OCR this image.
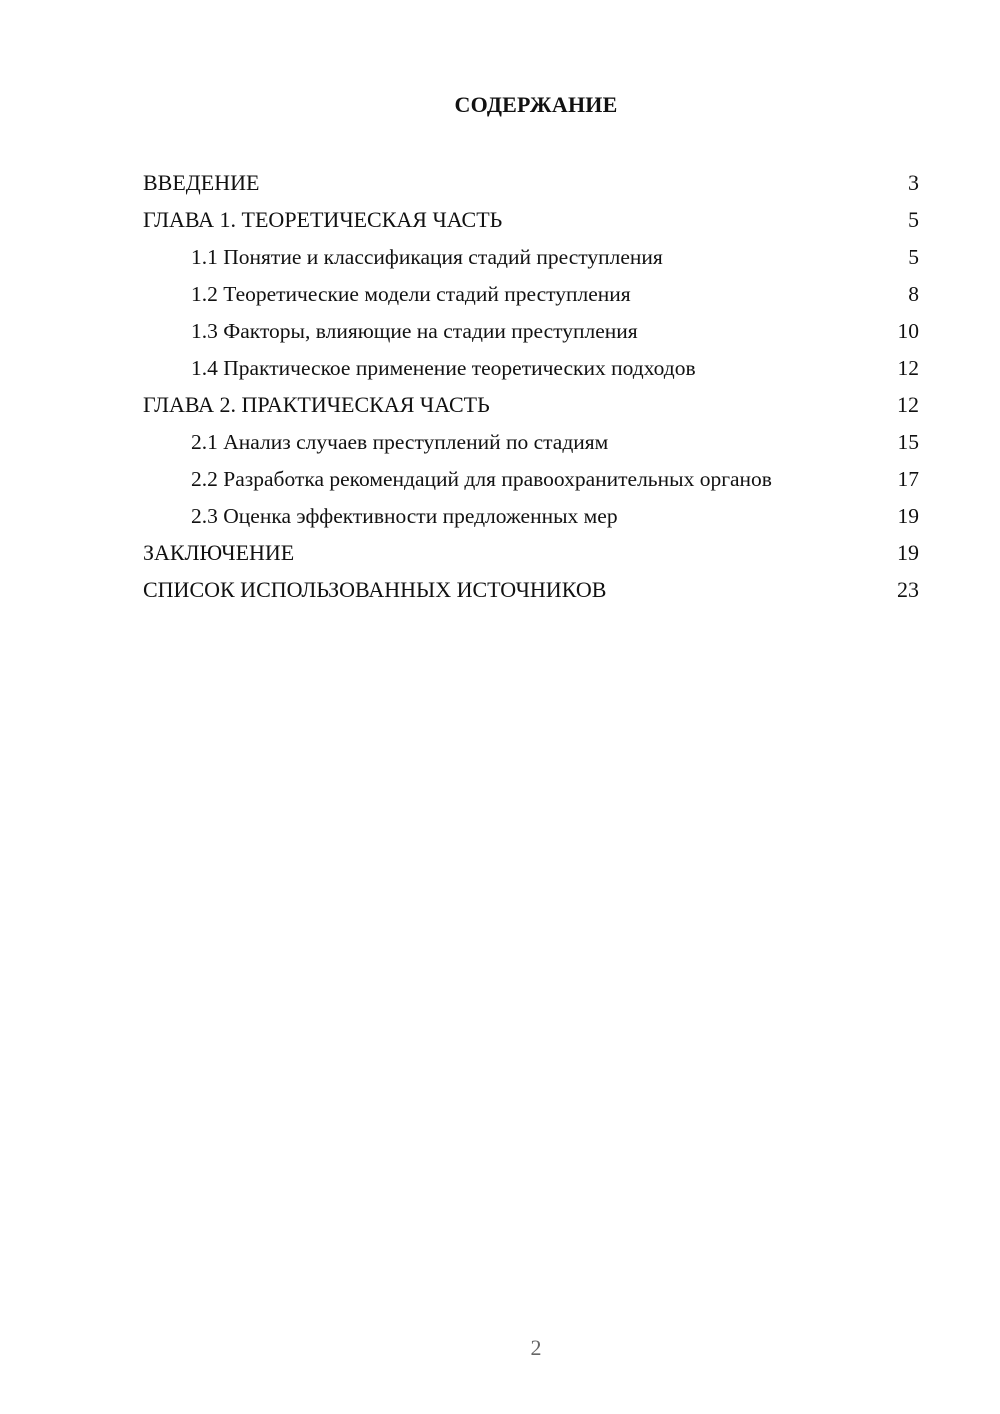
СОДЕРЖАНИЕ
ВВЕДЕНИЕ	3
ГЛАВА 1. ТЕОРЕТИЧЕСКАЯ ЧАСТЬ	5
1.1 Понятие и классификация стадий преступления	5
1.2 Теоретические модели стадий преступления	8
1.3 Факторы, влияющие на стадии преступления	10
1.4 Практическое применение теоретических подходов	12
ГЛАВА 2. ПРАКТИЧЕСКАЯ ЧАСТЬ	12
2.1 Анализ случаев преступлений по стадиям	15
2.2 Разработка рекомендаций для правоохранительных органов	17
2.3 Оценка эффективности предложенных мер	19
ЗАКЛЮЧЕНИЕ	19
СПИСОК ИСПОЛЬЗОВАННЫХ ИСТОЧНИКОВ	23
2
